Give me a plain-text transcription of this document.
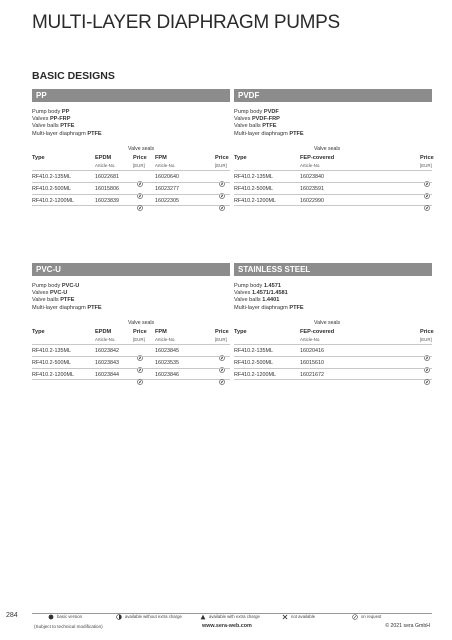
MULTI-LAYER DIAPHRAGM PUMPS
BASIC DESIGNS
PP
Pump body PP
Valves PP-FRP
Valve balls PTFE
Multi-layer diaphragm PTFE
Valve seals
Type	EPDM
Article-No.
Price
[EUR]
FPM
Article-No.
Price
[EUR]
RF410.2-135ML	16022681	16020640
RF410.2-500ML	16015806	16023277
RF410.2-1200ML	16023839	16022305
PVDF
Pump body PVDF
Valves PVDF-FRP
Valve balls PTFE
Multi-layer diaphragm PTFE
Valve seals
Type	FEP-covered
Article-No.
Price
[EUR]
RF410.2-135ML	16023840
RF410.2-500ML	16023591
RF410.2-1200ML	16022990
PVC-U
Pump body PVC-U
Valves PVC-U
Valve balls PTFE
Multi-layer diaphragm PTFE
Valve seals
Type	EPDM
Article-No.
Price
[EUR]
FPM
Article-No.
Price
[EUR]
RF410.2-135ML	16023842	16023845
RF410.2-500ML	16023843	16023535
RF410.2-1200ML	16023844	16023846
STAINLESS STEEL
Pump body 1.4571
Valves 1.4571/1.4581
Valve balls 1.4401
Multi-layer diaphragm PTFE
Valve seals
Type	FEP-covered
Article-No.
Price
[EUR]
RF410.2-135ML	16020416
RF410.2-500ML	16015610
RF410.2-1200ML	16021672
284	basic version	available without extra charge	available with extra charge	not available	on request
(Subject to technical modification)	www.sera-web.com	© 2021 sera GmbH
